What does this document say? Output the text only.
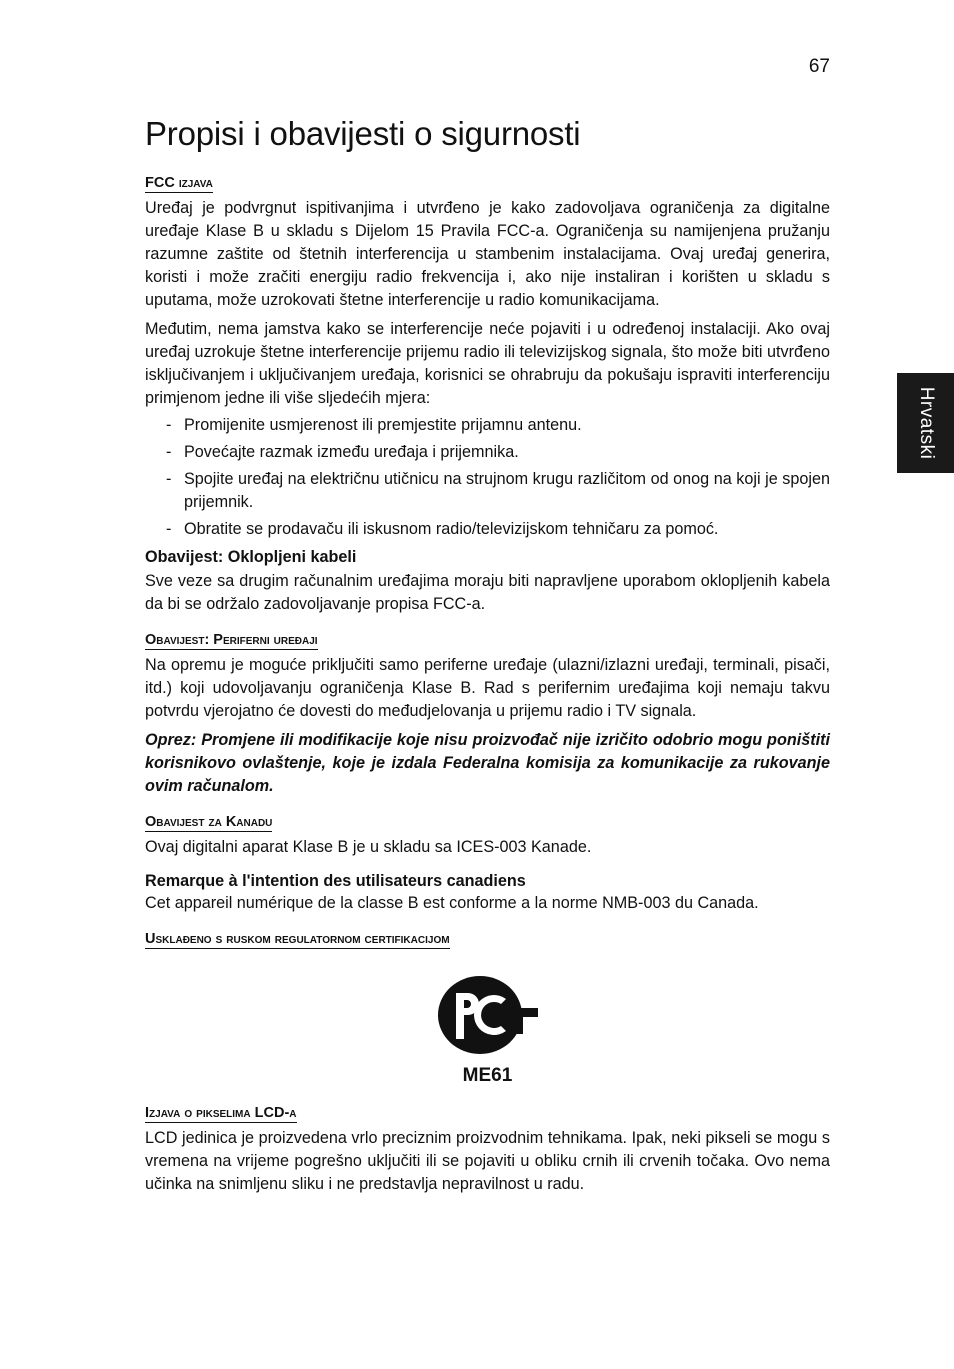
67
Hrvatski
Propisi i obavijesti o sigurnosti
FCC izjava

Uređaj je podvrgnut ispitivanjima i utvrđeno je kako zadovoljava ograničenja za digitalne uređaje Klase B u skladu s Dijelom 15 Pravila FCC-a. Ograničenja su namijenjena pružanju razumne zaštite od štetnih interferencija u stambenim instalacijama. Ovaj uređaj generira, koristi i može zračiti energiju radio frekvencija i, ako nije instaliran i korišten u skladu s uputama, može uzrokovati štetne interferencije u radio komunikacijama.

Međutim, nema jamstva kako se interferencije neće pojaviti i u određenoj instalaciji. Ako ovaj uređaj uzrokuje štetne interferencije prijemu radio ili televizijskog signala, što može biti utvrđeno isključivanjem i uključivanjem uređaja, korisnici se ohrabruju da pokušaju ispraviti interferenciju primjenom jedne ili više sljedećih mjera:

- Promijenite usmjerenost ili premjestite prijamnu antenu.
- Povećajte razmak između uređaja i prijemnika.
- Spojite uređaj na električnu utičnicu na strujnom krugu različitom od onog na koji je spojen prijemnik.
- Obratite se prodavaču ili iskusnom radio/televizijskom tehničaru za pomoć.
Obavijest: Oklopljeni kabeli

Sve veze sa drugim računalnim uređajima moraju biti napravljene uporabom oklopljenih kabela da bi se održalo zadovoljavanje propisa FCC-a.

Obavijest: Periferni uređaji

Na opremu je moguće priključiti samo periferne uređaje (ulazni/izlazni uređaji, terminali, pisači, itd.) koji udovoljavanju ograničenja Klase B. Rad s perifernim uređajima koji nemaju takvu potvrdu vjerojatno će dovesti do međudjelovanja u prijemu radio i TV signala.

Oprez: Promjene ili modifikacije koje nisu proizvođač nije izričito odobrio mogu poništiti korisnikovo ovlaštenje, koje je izdala Federalna komisija za komunikacije za rukovanje ovim računalom.

Obavijest za Kanadu

Ovaj digitalni aparat Klase B je u skladu sa ICES-003 Kanade.

Remarque à l'intention des utilisateurs canadiens

Cet appareil numérique de la classe B est conforme a la norme NMB-003 du Canada.

Usklađeno s ruskom regulatornom certifikacijom
ME61
Izjava o pikselima LCD-a

LCD jedinica je proizvedena vrlo preciznim proizvodnim tehnikama. Ipak, neki pikseli se mogu s vremena na vrijeme pogrešno uključiti ili se pojaviti u obliku crnih ili crvenih točaka. Ovo nema učinka na snimljenu sliku i ne predstavlja nepravilnost u radu.
